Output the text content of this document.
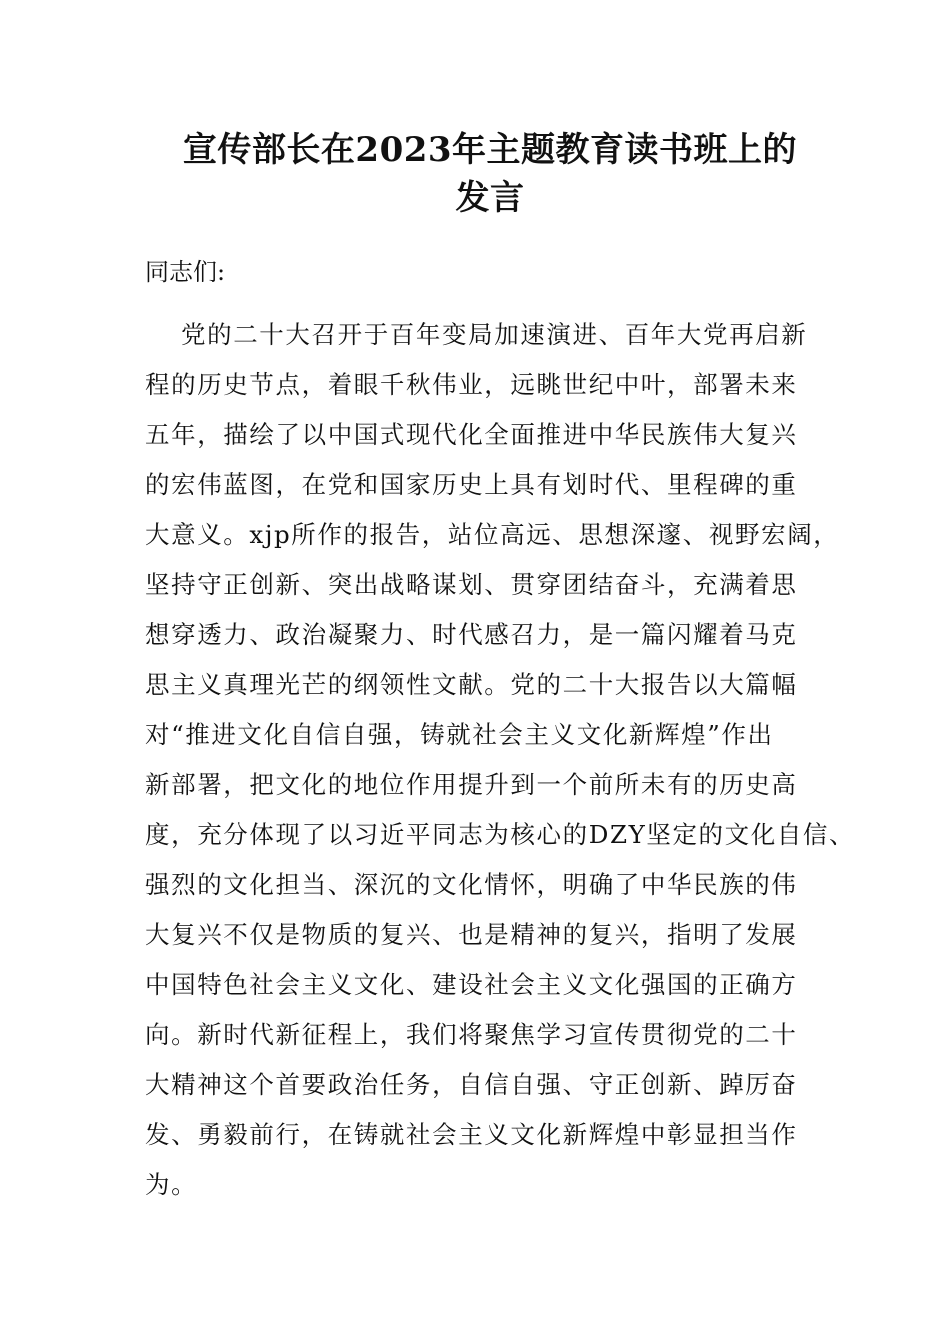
宣传部长在2023年主题教育读书班上的
发言

同志们:

党的二十大召开于百年变局加速演进、百年大党再启新
程的历史节点，着眼千秋伟业，远眺世纪中叶，部署未来
五年，描绘了以中国式现代化全面推进中华民族伟大复兴
的宏伟蓝图，在党和国家历史上具有划时代、里程碑的重
大意义。xjp所作的报告，站位高远、思想深邃、视野宏阔，
坚持守正创新、突出战略谋划、贯穿团结奋斗，充满着思
想穿透力、政治凝聚力、时代感召力，是一篇闪耀着马克
思主义真理光芒的纲领性文献。党的二十大报告以大篇幅
对“推进文化自信自强，铸就社会主义文化新辉煌”作出
新部署，把文化的地位作用提升到一个前所未有的历史高
度，充分体现了以习近平同志为核心的DZY坚定的文化自信、
强烈的文化担当、深沉的文化情怀，明确了中华民族的伟
大复兴不仅是物质的复兴、也是精神的复兴，指明了发展
中国特色社会主义文化、建设社会主义文化强国的正确方
向。新时代新征程上，我们将聚焦学习宣传贯彻党的二十
大精神这个首要政治任务，自信自强、守正创新、踔厉奋
发、勇毅前行，在铸就社会主义文化新辉煌中彰显担当作
为。
